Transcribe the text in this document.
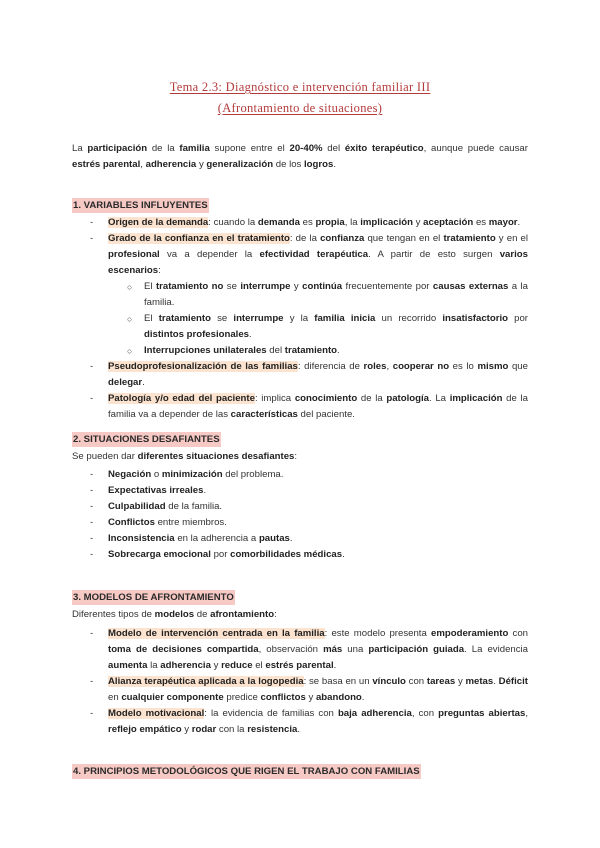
Tema 2.3: Diagnóstico e intervención familiar III
(Afrontamiento de situaciones)

La participación de la familia supone entre el 20-40% del éxito terapéutico, aunque puede causar estrés parental, adherencia y generalización de los logros.

1. VARIABLES INFLUYENTES
- Origen de la demanda: cuando la demanda es propia, la implicación y aceptación es mayor.
- Grado de la confianza en el tratamiento: de la confianza que tengan en el tratamiento y en el profesional va a depender la efectividad terapéutica. A partir de esto surgen varios escenarios:
○ El tratamiento no se interrumpe y continúa frecuentemente por causas externas a la familia.
○ El tratamiento se interrumpe y la familia inicia un recorrido insatisfactorio por distintos profesionales.
○ Interrupciones unilaterales del tratamiento.
- Pseudoprofesionalización de las familias: diferencia de roles, cooperar no es lo mismo que delegar.
- Patología y/o edad del paciente: implica conocimiento de la patología. La implicación de la familia va a depender de las características del paciente.
2. SITUACIONES DESAFIANTES

Se pueden dar diferentes situaciones desafiantes:

- Negación o minimización del problema.
- Expectativas irreales.
- Culpabilidad de la familia.
- Conflictos entre miembros.
- Inconsistencia en la adherencia a pautas.
- Sobrecarga emocional por comorbilidades médicas.
3. MODELOS DE AFRONTAMIENTO

Diferentes tipos de modelos de afrontamiento:

- Modelo de intervención centrada en la familia: este modelo presenta empoderamiento con toma de decisiones compartida, observación más una participación guiada. La evidencia aumenta la adherencia y reduce el estrés parental.
- Alianza terapéutica aplicada a la logopedia: se basa en un vínculo con tareas y metas. Déficit en cualquier componente predice conflictos y abandono.
- Modelo motivacional: la evidencia de familias con baja adherencia, con preguntas abiertas, reflejo empático y rodar con la resistencia.
4. PRINCIPIOS METODOLÓGICOS QUE RIGEN EL TRABAJO CON FAMILIAS
